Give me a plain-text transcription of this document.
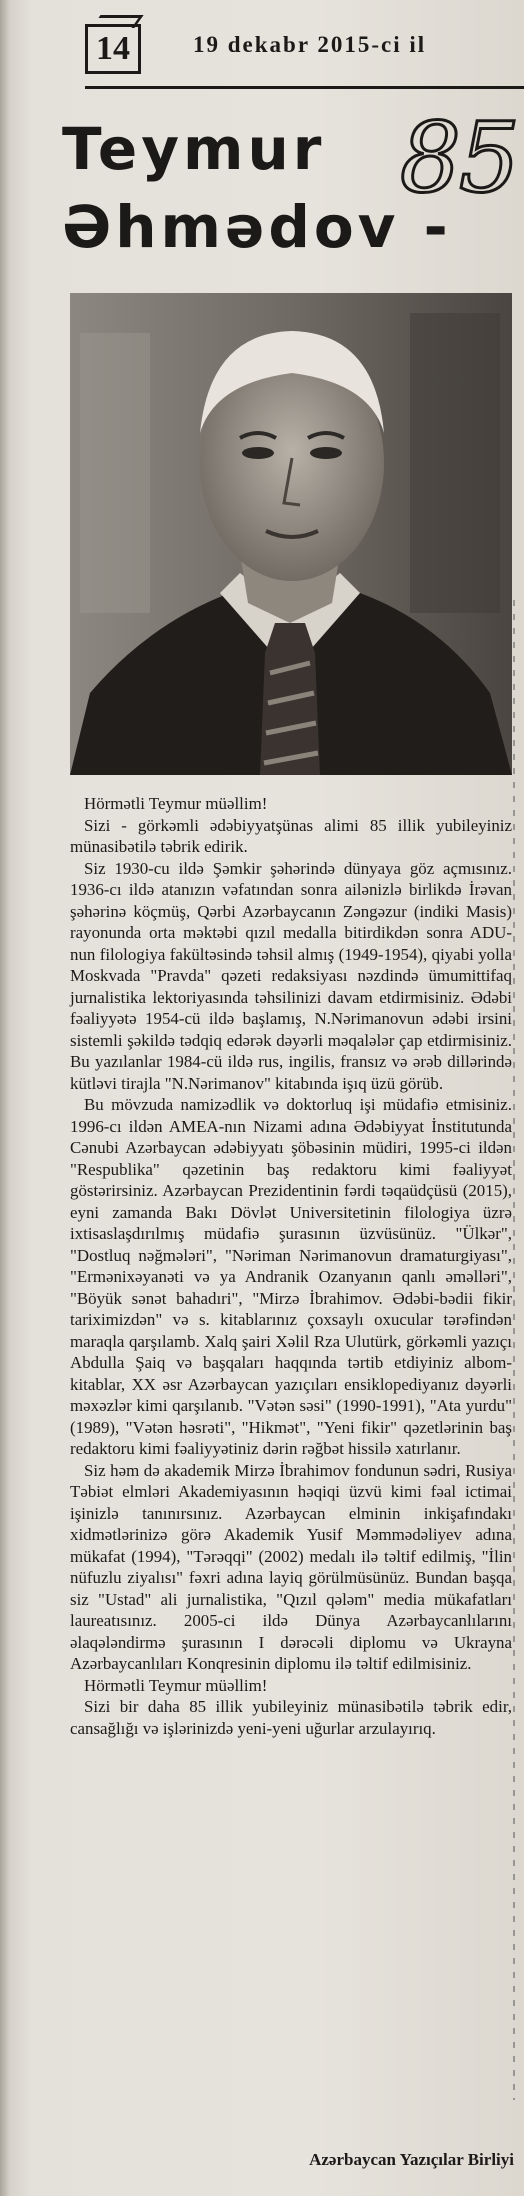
14	19 dekabr 2015-ci il
Teymur
Əhmədov -
85

Hörmətli Teymur müəllim!

Sizi - görkəmli ədəbiyyatşünas alimi 85 illik yubileyiniz münasibətilə təbrik edirik.

Siz 1930-cu ildə Şəmkir şəhərində dünyaya göz açmısınız. 1936-cı ildə atanızın vəfatından sonra ailənizlə birlikdə İrəvan şəhərinə köçmüş, Qərbi Azərbaycanın Zəngəzur (indiki Masis) rayonunda orta məktəbi qızıl medalla bitirdikdən sonra ADU-nun filologiya fakültəsində təhsil almış (1949-1954), qiyabi yolla Moskvada "Pravda" qəzeti redaksiyası nəzdində ümumittifaq jurnalistika lektoriyasında təhsilinizi davam etdirmisiniz. Ədəbi fəaliyyətə 1954-cü ildə başlamış, N.Nərimanovun ədəbi irsini sistemli şəkildə tədqiq edərək dəyərli məqalələr çap etdirmisiniz. Bu yazılanlar 1984-cü ildə rus, ingilis, fransız və ərəb dillərində kütləvi tirajla "N.Nərimanov" kitabında işıq üzü görüb.

Bu mövzuda namizədlik və doktorluq işi müdafiə etmisiniz. 1996-cı ildən AMEA-nın Nizami adına Ədəbiyyat İnstitutunda Cənubi Azərbaycan ədəbiyyatı şöbəsinin müdiri, 1995-ci ildən "Respublika" qəzetinin baş redaktoru kimi fəaliyyət göstərirsiniz. Azərbaycan Prezidentinin fərdi təqaüdçüsü (2015), eyni zamanda Bakı Dövlət Universitetinin filologiya üzrə ixtisaslaşdırılmış müdafiə şurasının üzvüsünüz. "Ülkər", "Dostluq nəğmələri", "Nəriman Nərimanovun dramaturgiyası", "Ermənixəyanəti və ya Andranik Ozanyanın qanlı əməlləri", "Böyük sənət bahadıri", "Mirzə İbrahimov. Ədəbi-bədii fikir tariximizdən" və s. kitablarınız çoxsaylı oxucular tərəfindən maraqla qarşılamb. Xalq şairi Xəlil Rza Ulutürk, görkəmli yazıçı Abdulla Şaiq və başqaları haqqında tərtib etdiyiniz albom-kitablar, XX əsr Azərbaycan yazıçıları ensiklopediyanız dəyərli məxəzlər kimi qarşılanıb. "Vətən səsi" (1990-1991), "Ata yurdu" (1989), "Vətən həsrəti", "Hikmət", "Yeni fikir" qəzetlərinin baş redaktoru kimi fəaliyyətiniz dərin rəğbət hissilə xatırlanır.

Siz həm də akademik Mirzə İbrahimov fondunun sədri, Rusiya Təbiət elmləri Akademiyasının həqiqi üzvü kimi fəal ictimai işinizlə tanınırsınız. Azərbaycan elminin inkişafındakı xidmətlərinizə görə Akademik Yusif Məmmədəliyev adına mükafat (1994), "Tərəqqi" (2002) medalı ilə təltif edilmiş, "İlin nüfuzlu ziyalısı" fəxri adına layiq görülmüsünüz. Bundan başqa siz "Ustad" ali jurnalistika, "Qızıl qələm" media mükafatları laureatısınız. 2005-ci ildə Dünya Azərbaycanlılarını əlaqələndirmə şurasının I dərəcəli diplomu və Ukrayna Azərbaycanlıları Konqresinin diplomu ilə təltif edilmisiniz.

Hörmətli Teymur müəllim!

Sizi bir daha 85 illik yubileyiniz münasibətilə təbrik edir, cansağlığı və işlərinizdə yeni-yeni uğurlar arzulayırıq.

Azərbaycan Yazıçılar Birliyi
